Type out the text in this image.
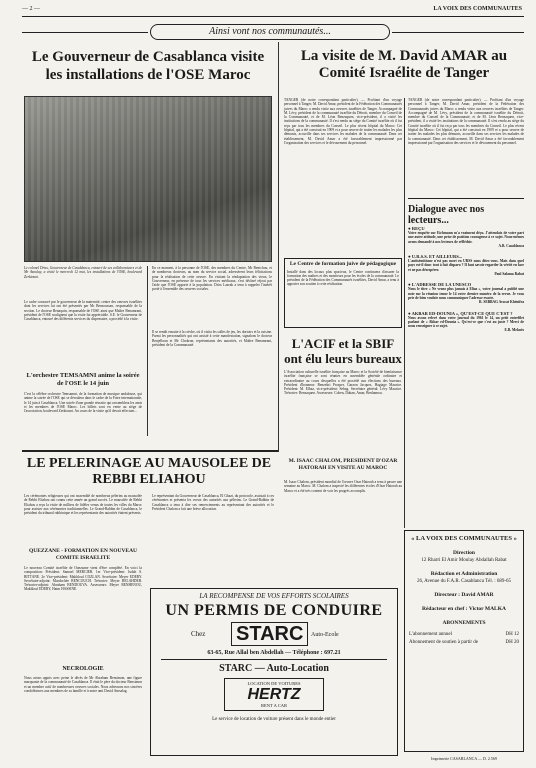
— 2 —	LA VOIX DES COMMUNAUTES
Ainsi vont nos communautés...
Le Gouverneur de Casablanca visite les installations de l'OSE Maroc
Le colonel Driss, Gouverneur de Casablanca, entouré de ses collaborateurs et de Mr Azoulay, a visité le mercredi 12 mai, les installations de l'OSE, boulevard Zerktouni.
Le cadre consacré par le gouverneur de la maternité, centre des oeuvres israélites dont les services lui ont été présentés par Mr Bensoussan, responsable de la section. Le docteur Benaquin, responsable de l'OSE ainsi que Maître Benamrani, président de l'OSE soulignent que la visite fut appréciable. S.E. le Gouverneur de Casablanca, entouré des différents services du dispensaire, a procédé à la visite.
En ce moment, à la personne de l'OSE, des membres du Centre, Mr Benichou, et de nombreux docteurs, au nom du service social, adressèrent leurs félicitations pour la réalisation de cette oeuvre. En visitant la réadaptation des vieux, le Gouverneur, en présence de tous les services médicaux, s'est déclaré réjoui par l'aide que l'OSE apporte à la population. Driss Lazrak a tenu à rappeler l'intérêt porté à l'ensemble des oeuvres sociales.
Il se rendit ensuite à la crèche, où il visita les salles de jeu, les dortoirs et la cuisine. Parmi les personnalités qui ont assisté à cette manifestation, signalons le docteur Benjelloun et Mr Chokron, représentants des autorités, et Maître Benamrani, président de la Communauté.
L'orchestre TEMSAMNI anime la soirée de l'OSE le 14 juin
C'est la célèbre orchestre Temsamni, de la formation de musique andalouse, qui anime la soirée de l'OSE qui se déroulera dans le cadre de la Foire internationale, le 14 juin à Casablanca. Une soirée d'une grande réussite qui rassemblera les amis et les membres de l'OSE Maroc. Les billets sont en vente au siège de l'association, boulevard Zerktouni. Au cours de la visite qu'il devait effectuer...
La visite de M. David AMAR au Comité Israélite de Tanger
TANGER (de notre correspondant particulier). — Profitant d'un voyage personnel à Tanger, M. David Amar, président de la Fédération des Communautés juives du Maroc a rendu visite aux oeuvres israélites de Tanger. Accompagné de M. Lévy, président de la communauté israélite du Détroit, membre du Conseil de la Communauté, et de M. Léon Benzaquen, vice-président, il a visité les institutions de la communauté. Il s'est rendu au siège du Comité israélite où il fut reçu par tous les membres du Conseil. Le plus récent hôpital du Maroc: Cet hôpital, qui a été construit en 1909 et a pour oeuvre de traiter les malades les plus démunis, accueille dans ses services les malades de la communauté. Dans cet établissement, M. David Amar a été favorablement impressionné par l'organisation des services et le dévouement du personnel.
Le Centre de formation juive de pédagogique
Installé dans des locaux plus spacieux, le Centre continuera d'assurer la formation des maîtres et des moniteurs pour les écoles de la communauté. Le président de la Fédération des Communautés israélites, David Amar, a tenu à apporter son soutien à cette réalisation.
L'ACIF et la SBIF ont élu leurs bureaux
L'Association culturelle israélite française au Maroc et la Société de bienfaisance israélite française se sont réunies en assemblée générale ordinaire et extraordinaire au cours desquelles a été procédé aux élections des bureaux. Président d'honneur: Benzekri Prosper, Garzon Jacques, Hagiage Maurice. Président: M. Elbaz, vice-président: Sebag. Secrétaire général: Lévy Maurice. Trésorier: Benzaquen. Assesseurs: Cohen, Dahan, Amar, Benhamou.
M. ISAAC CHALOM, PRESIDENT D'OZAR HATORAH EN VISITE AU MAROC
M. Isaac Chalom, président mondial de l'oeuvre Ozar Hatorah a tenu à passer une semaine au Maroc. M. Chalom a inspecté les différentes écoles d'Ozar Hatorah au Maroc et a été très content de voir les progrès accomplis.
TANGER (de notre correspondant particulier). — Profitant d'un voyage personnel à Tanger, M. David Amar, président de la Fédération des Communautés juives du Maroc a rendu visite aux oeuvres israélites de Tanger. Accompagné de M. Lévy, président de la communauté israélite du Détroit, membre du Conseil de la Communauté, et de M. Léon Benzaquen, vice-président, il a visité les institutions de la communauté. Il s'est rendu au siège du Comité israélite où il fut reçu par tous les membres du Conseil. Le plus récent hôpital du Maroc: Cet hôpital, qui a été construit en 1909 et a pour oeuvre de traiter les malades les plus démunis, accueille dans ses services les malades de la communauté. Dans cet établissement, M. David Amar a été favorablement impressionné par l'organisation des services et le dévouement du personnel.
Dialogue avec nos lecteurs...
● REÇU
Votre enquête sur Eichmann m'a vraiment déçu. J'attendais de votre part une autre attitude, une prise de position courageuse à ce sujet. Nous-mêmes avons demandé à nos lecteurs de réfléchir.
A.B. Casablanca
● U.R.S.S. ET AILLEURS...
L'antisémitisme n'est pas mort en URSS nous dites-vous. Mais dans quel pays est-il donc tout à fait disparu ? Il faut savoir regarder la vérité en face et ne pas désespérer.
Paul Salama Rabat
● L'ADRESSE DE LA UNESCO
Nous le titre « Ne venez plus jamais à Eliaz », votre journal a publié une note sur la réunion tenue le 14 votre dernier numéro de la revue. Je vous prie de bien vouloir nous communiquer l'adresse exacte.
R. SEBBAG Avocat Khénifra
● AKBAR ED-DOUNIA », QU'EST-CE QUE C'EST ?
Nous avons relevé dans votre journal du 1961 le 14, un petit entrefilet parlant de « Akbar ed-Dounia ». Qu'est-ce que c'est au juste ? Merci de nous renseigner à ce sujet.
E.B. Meknès
LE PELERINAGE AU MAUSOLEE DE REBBI ELIAHOU
Les cérémonies religieuses qui ont rassemblé de nombreux pèlerins au mausolée de Rebbi Eliahou ont connu cette année un grand succès. Le mausolée de Rebbi Eliahou a reçu la visite de milliers de fidèles venus de toutes les villes du Maroc pour assister aux cérémonies traditionnelles. Le Grand-Rabbin de Casablanca, le président du tribunal rabbinique et les représentants des autorités étaient présents.
Le représentant du Gouverneur de Casablanca, El Ghazi, du protocole, assistait à ces cérémonies et présenta les voeux des autorités aux pèlerins. Le Grand-Rabbin de Casablanca a tenu à dire ses remerciements au représentant des autorités et le Président Chalom a fait une brève allocution.
QUEZZANE - FORMATION EN NOUVEAU COMITE ISRAELITE
Le nouveau Comité israélite de Ouezzane vient d'être complété. En voici la composition: Président: Samuel MERCIER. 1er Vice-président: Judah S. BITTANE. 2e Vice-président: Makhlouf COZLAN. Secrétaire: Meyer EDERY. Secrétaire-adjoint: Mardochée BENCOUCH. Trésorier: Meyer BELAHDEB. Trésorier-adjoint: Abraham BENDOUVA. Assesseurs: Meyer BENHENOU, Makhlouf EDERY, Haim HASSINE.
NECROLOGIE
Nous avons appris avec peine le décès de Mr Abraham Bensimon, une figure marquante de la communauté de Casablanca. Il était le père du docteur Bensimon et un membre actif de nombreuses oeuvres sociales. Nous adressons nos sincères condoléances aux membres de sa famille et à notre ami David Amsalag.
LA RECOMPENSE DE VOS EFFORTS SCOLAIRES
UN PERMIS DE CONDUIRE
Chez STARC	Auto-Ecole
63-65, Rue Allal ben Abdellah — Téléphone : 697.21
STARC — Auto-Location
LOCATION DE VOITURES
HERTZ
RENT A CAR
Le service de location de voiture présent dans le monde entier
« LA VOIX DES COMMUNAUTES »
Direction
12 Rharri El Amir Moulay Abdallah Rabat
Rédaction et Administration
26, Avenue du F.A.R. Casablanca Tél. : 689-65
Directeur : David AMAR
Rédacteur en chef : Victor MALKA
ABONNEMENTS
L'abonnement annuel	DH 12
Abonnement de soutien à partir de	DH 20
Imprimerie CASABLANCA — D. 2.569
